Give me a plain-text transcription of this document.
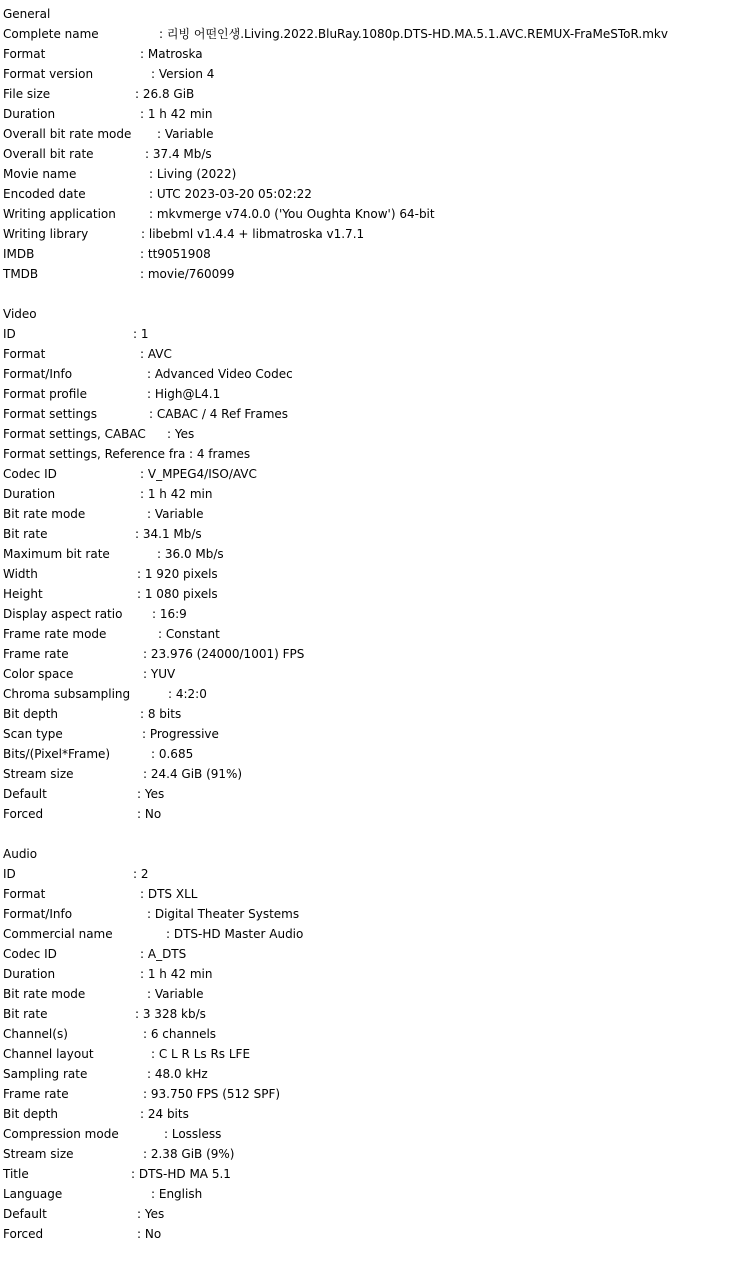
General
Complete name	: 리빙 어떤인생.Living.2022.BluRay.1080p.DTS-HD.MA.5.1.AVC.REMUX-FraMeSToR.mkv
Format	: Matroska
Format version	: Version 4
File size	: 26.8 GiB
Duration	: 1 h 42 min
Overall bit rate mode	: Variable
Overall bit rate	: 37.4 Mb/s
Movie name	: Living (2022)
Encoded date	: UTC 2023-03-20 05:02:22
Writing application	: mkvmerge v74.0.0 ('You Oughta Know') 64-bit
Writing library	: libebml v1.4.4 + libmatroska v1.7.1
IMDB	: tt9051908
TMDB	: movie/760099
Video
ID	: 1
Format	: AVC
Format/Info	: Advanced Video Codec
Format profile	: High@L4.1
Format settings	: CABAC / 4 Ref Frames
Format settings, CABAC	: Yes
Format settings, Reference fra : 4 frames
Codec ID	: V_MPEG4/ISO/AVC
Duration	: 1 h 42 min
Bit rate mode	: Variable
Bit rate	: 34.1 Mb/s
Maximum bit rate	: 36.0 Mb/s
Width	: 1 920 pixels
Height	: 1 080 pixels
Display aspect ratio	: 16:9
Frame rate mode	: Constant
Frame rate	: 23.976 (24000/1001) FPS
Color space	: YUV
Chroma subsampling	: 4:2:0
Bit depth	: 8 bits
Scan type	: Progressive
Bits/(Pixel*Frame)	: 0.685
Stream size	: 24.4 GiB (91%)
Default	: Yes
Forced	: No
Audio
ID	: 2
Format	: DTS XLL
Format/Info	: Digital Theater Systems
Commercial name	: DTS-HD Master Audio
Codec ID	: A_DTS
Duration	: 1 h 42 min
Bit rate mode	: Variable
Bit rate	: 3 328 kb/s
Channel(s)	: 6 channels
Channel layout	: C L R Ls Rs LFE
Sampling rate	: 48.0 kHz
Frame rate	: 93.750 FPS (512 SPF)
Bit depth	: 24 bits
Compression mode	: Lossless
Stream size	: 2.38 GiB (9%)
Title	: DTS-HD MA 5.1
Language	: English
Default	: Yes
Forced	: No
